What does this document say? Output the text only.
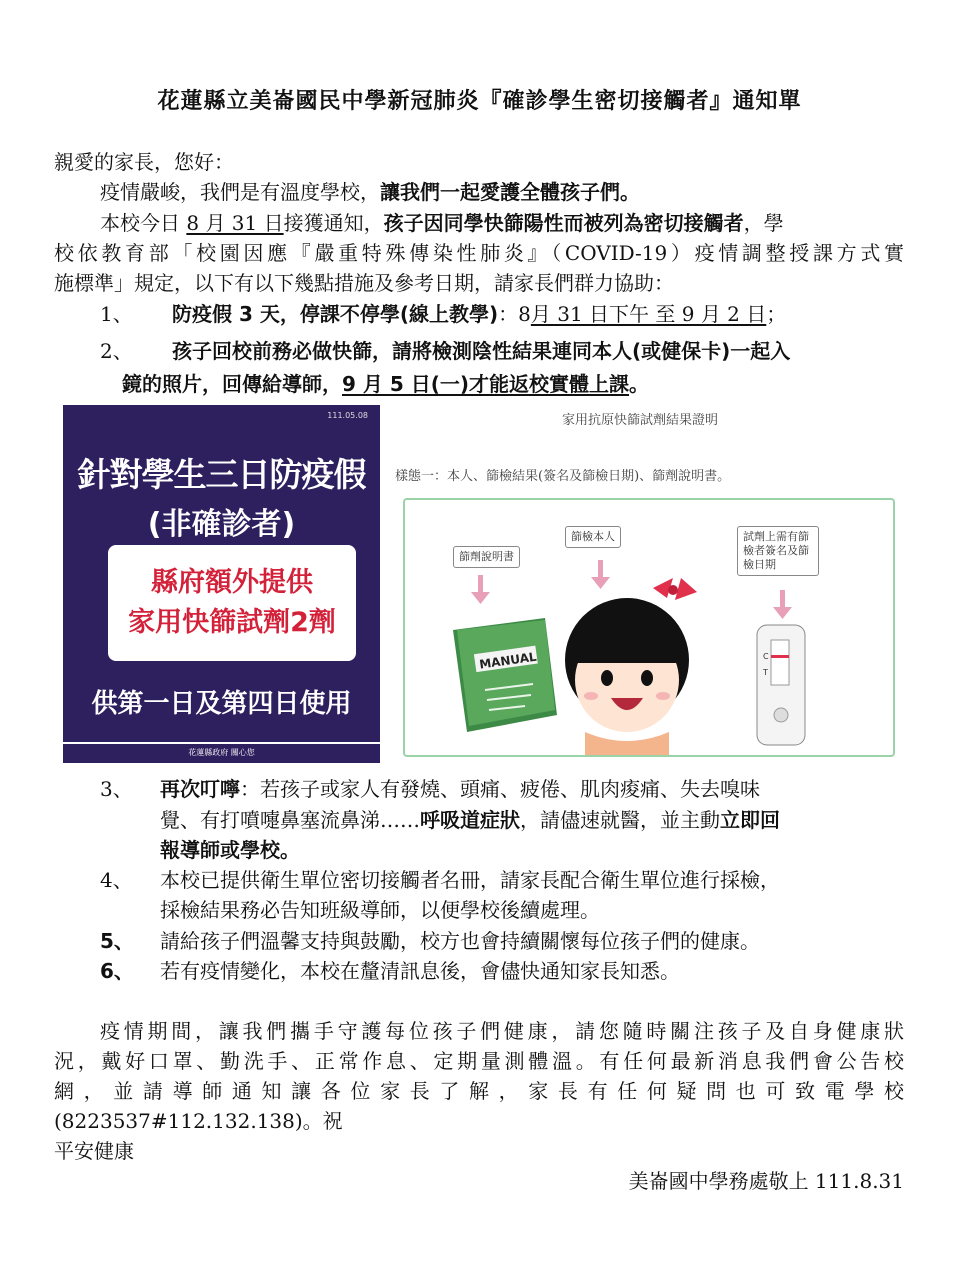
花蓮縣立美崙國民中學新冠肺炎『確診學生密切接觸者』通知單
親愛的家長，您好：
疫情嚴峻，我們是有溫度學校，讓我們一起愛護全體孩子們。
本校今日 8 月 31 日接獲通知，孩子因同學快篩陽性而被列為密切接觸者，學
校依教育部「校園因應『嚴重特殊傳染性肺炎』（COVID-19）疫情調整授課方式實
施標準」規定，以下有以下幾點措施及參考日期，請家長們群力協助：
1、 防疫假 3 天，停課不停學(線上教學)：8月 31 日下午 至 9 月 2 日；
2、 孩子回校前務必做快篩，請將檢測陰性結果連同本人(或健保卡)一起入
鏡的照片，回傳給導師，9 月 5 日(一)才能返校實體上課。
111.05.08
針對學生三日防疫假
(非確診者)
縣府額外提供
家用快篩試劑2劑
供第一日及第四日使用
花蓮縣政府 關心您
家用抗原快篩試劑結果證明
樣態一：本人、篩檢結果(簽名及篩檢日期)、篩劑說明書。
篩劑說明書
篩檢本人	試劑上需有篩檢者簽名及篩檢日期
MANUAL	C
T
3、 再次叮嚀：若孩子或家人有發燒、頭痛、疲倦、肌肉痠痛、失去嗅味
覺、有打噴嚏鼻塞流鼻涕……呼吸道症狀，請儘速就醫，並主動立即回
報導師或學校。
4、 本校已提供衛生單位密切接觸者名冊，請家長配合衛生單位進行採檢，
採檢結果務必告知班級導師，以便學校後續處理。
5、 請給孩子們溫馨支持與鼓勵，校方也會持續關懷每位孩子們的健康。
6、 若有疫情變化，本校在釐清訊息後，會儘快通知家長知悉。
疫情期間，讓我們攜手守護每位孩子們健康，請您隨時關注孩子及自身健康狀
況，戴好口罩、勤洗手、正常作息、定期量測體溫。有任何最新消息我們會公告校
網，並請導師通知讓各位家長了解，家長有任何疑問也可致電學校
(8223537#112.132.138)。祝
平安健康
美崙國中學務處敬上 111.8.31
